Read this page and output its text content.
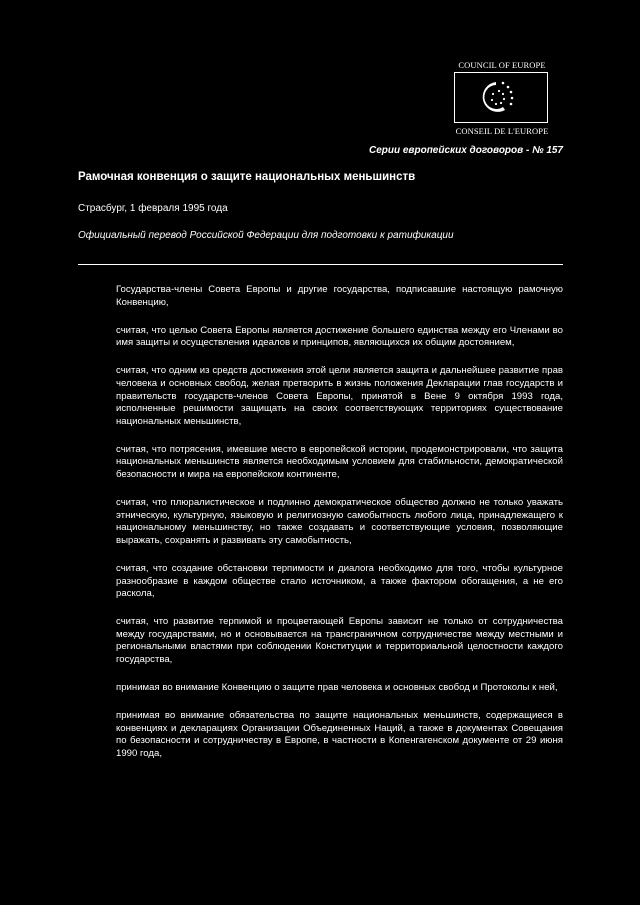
COUNCIL OF EUROPE
CONSEIL DE L'EUROPE
Серии европейских договоров - № 157
Рамочная конвенция о защите национальных меньшинств
Страсбург, 1 февраля 1995 года
Официальный перевод Российской Федерации для подготовки к ратификации

Государства-члены Совета Европы и другие государства, подписавшие настоящую рамочную Конвенцию,

считая, что целью Совета Европы является достижение большего единства между его Членами во имя защиты и осуществления идеалов и принципов, являющихся их общим достоянием,

считая, что одним из средств достижения этой цели является защита и дальнейшее развитие прав человека и основных свобод, желая претворить в жизнь положения Декларации глав государств и правительств государств-членов Совета Европы, принятой в Вене 9 октября 1993 года, исполненные решимости защищать на своих соответствующих территориях существование национальных меньшинств,

считая, что потрясения, имевшие место в европейской истории, продемонстрировали, что защита национальных меньшинств является необходимым условием для стабильности, демократической безопасности и мира на европейском континенте,

считая, что плюралистическое и подлинно демократическое общество должно не только уважать этническую, культурную, языковую и религиозную самобытность любого лица, принадлежащего к национальному меньшинству, но также создавать и соответствующие условия, позволяющие выражать, сохранять и развивать эту самобытность,

считая, что создание обстановки терпимости и диалога необходимо для того, чтобы культурное разнообразие в каждом обществе стало источником, а также фактором обогащения, а не его раскола,

считая, что развитие терпимой и процветающей Европы зависит не только от сотрудничества между государствами, но и основывается на трансграничном сотрудничестве между местными и региональными властями при соблюдении Конституции и территориальной целостности каждого государства,

принимая во внимание Конвенцию о защите прав человека и основных свобод и Протоколы к ней,

принимая во внимание обязательства по защите национальных меньшинств, содержащиеся в конвенциях и декларациях Организации Объединенных Наций, а также в документах Совещания по безопасности и сотрудничеству в Европе, в частности в Копенгагенском документе от 29 июня 1990 года,
